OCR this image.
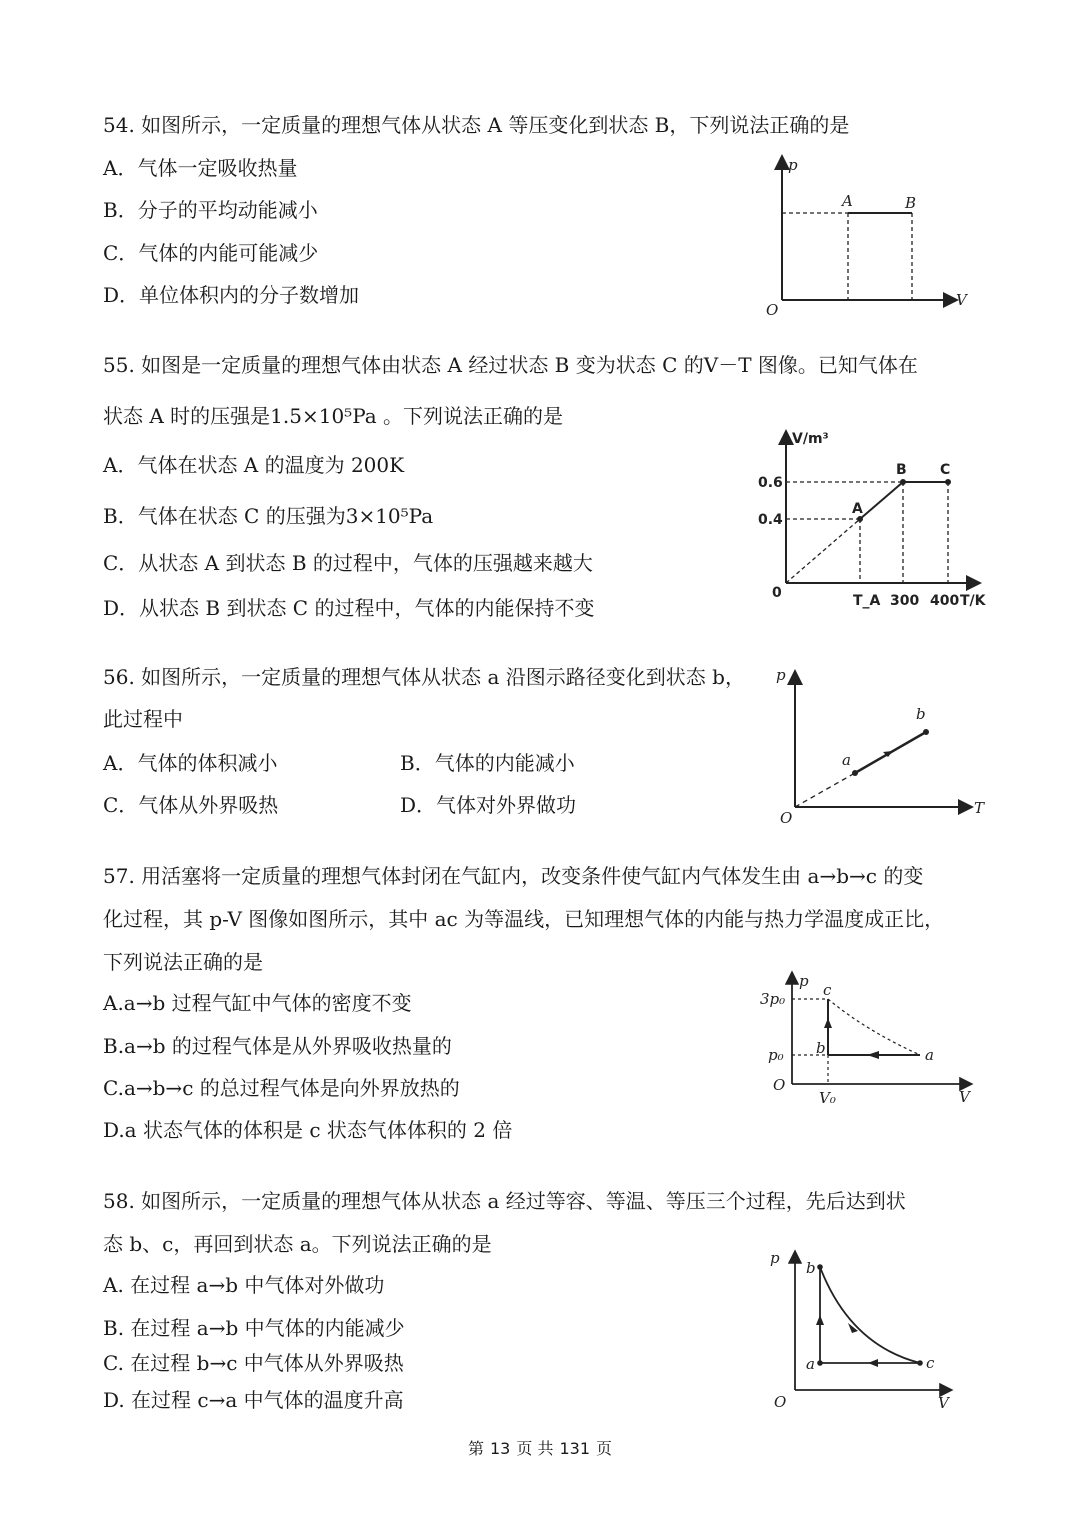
54. 如图所示，一定质量的理想气体从状态 A 等压变化到状态 B，下列说法正确的是
A．气体一定吸收热量
B．分子的平均动能减小
C．气体的内能可能减少
D．单位体积内的分子数增加
p
V
O
A	B
55. 如图是一定质量的理想气体由状态 A 经过状态 B 变为状态 C 的V－T 图像。已知气体在
状态 A 时的压强是1.5×10⁵Pa 。下列说法正确的是
A．气体在状态 A 的温度为 200K
B．气体在状态 C 的压强为3×10⁵Pa
C．从状态 A 到状态 B 的过程中，气体的压强越来越大
D．从状态 B 到状态 C 的过程中，气体的内能保持不变
V/m³
T/K
0
0.6
0.4
T_A 300 400
A
B C
56. 如图所示，一定质量的理想气体从状态 a 沿图示路径变化到状态 b，
此过程中
A．气体的体积减小	B．气体的内能减小
C．气体从外界吸热	D．气体对外界做功
p
T
O
a
b
57. 用活塞将一定质量的理想气体封闭在气缸内，改变条件使气缸内气体发生由 a→b→c 的变
化过程，其 p-V 图像如图所示，其中 ac 为等温线，已知理想气体的内能与热力学温度成正比，
下列说法正确的是
A.a→b 过程气缸中气体的密度不变
B.a→b 的过程气体是从外界吸收热量的
C.a→b→c 的总过程气体是向外界放热的
D.a 状态气体的体积是 c 状态气体体积的 2 倍
p
V
O
3p₀
p₀
V₀
a
b
c
58. 如图所示，一定质量的理想气体从状态 a 经过等容、等温、等压三个过程，先后达到状
态 b、c，再回到状态 a。下列说法正确的是
A. 在过程 a→b 中气体对外做功
B. 在过程 a→b 中气体的内能减少
C. 在过程 b→c 中气体从外界吸热
D. 在过程 c→a 中气体的温度升高
p
V
O
a
b
c
第 13 页 共 131 页
